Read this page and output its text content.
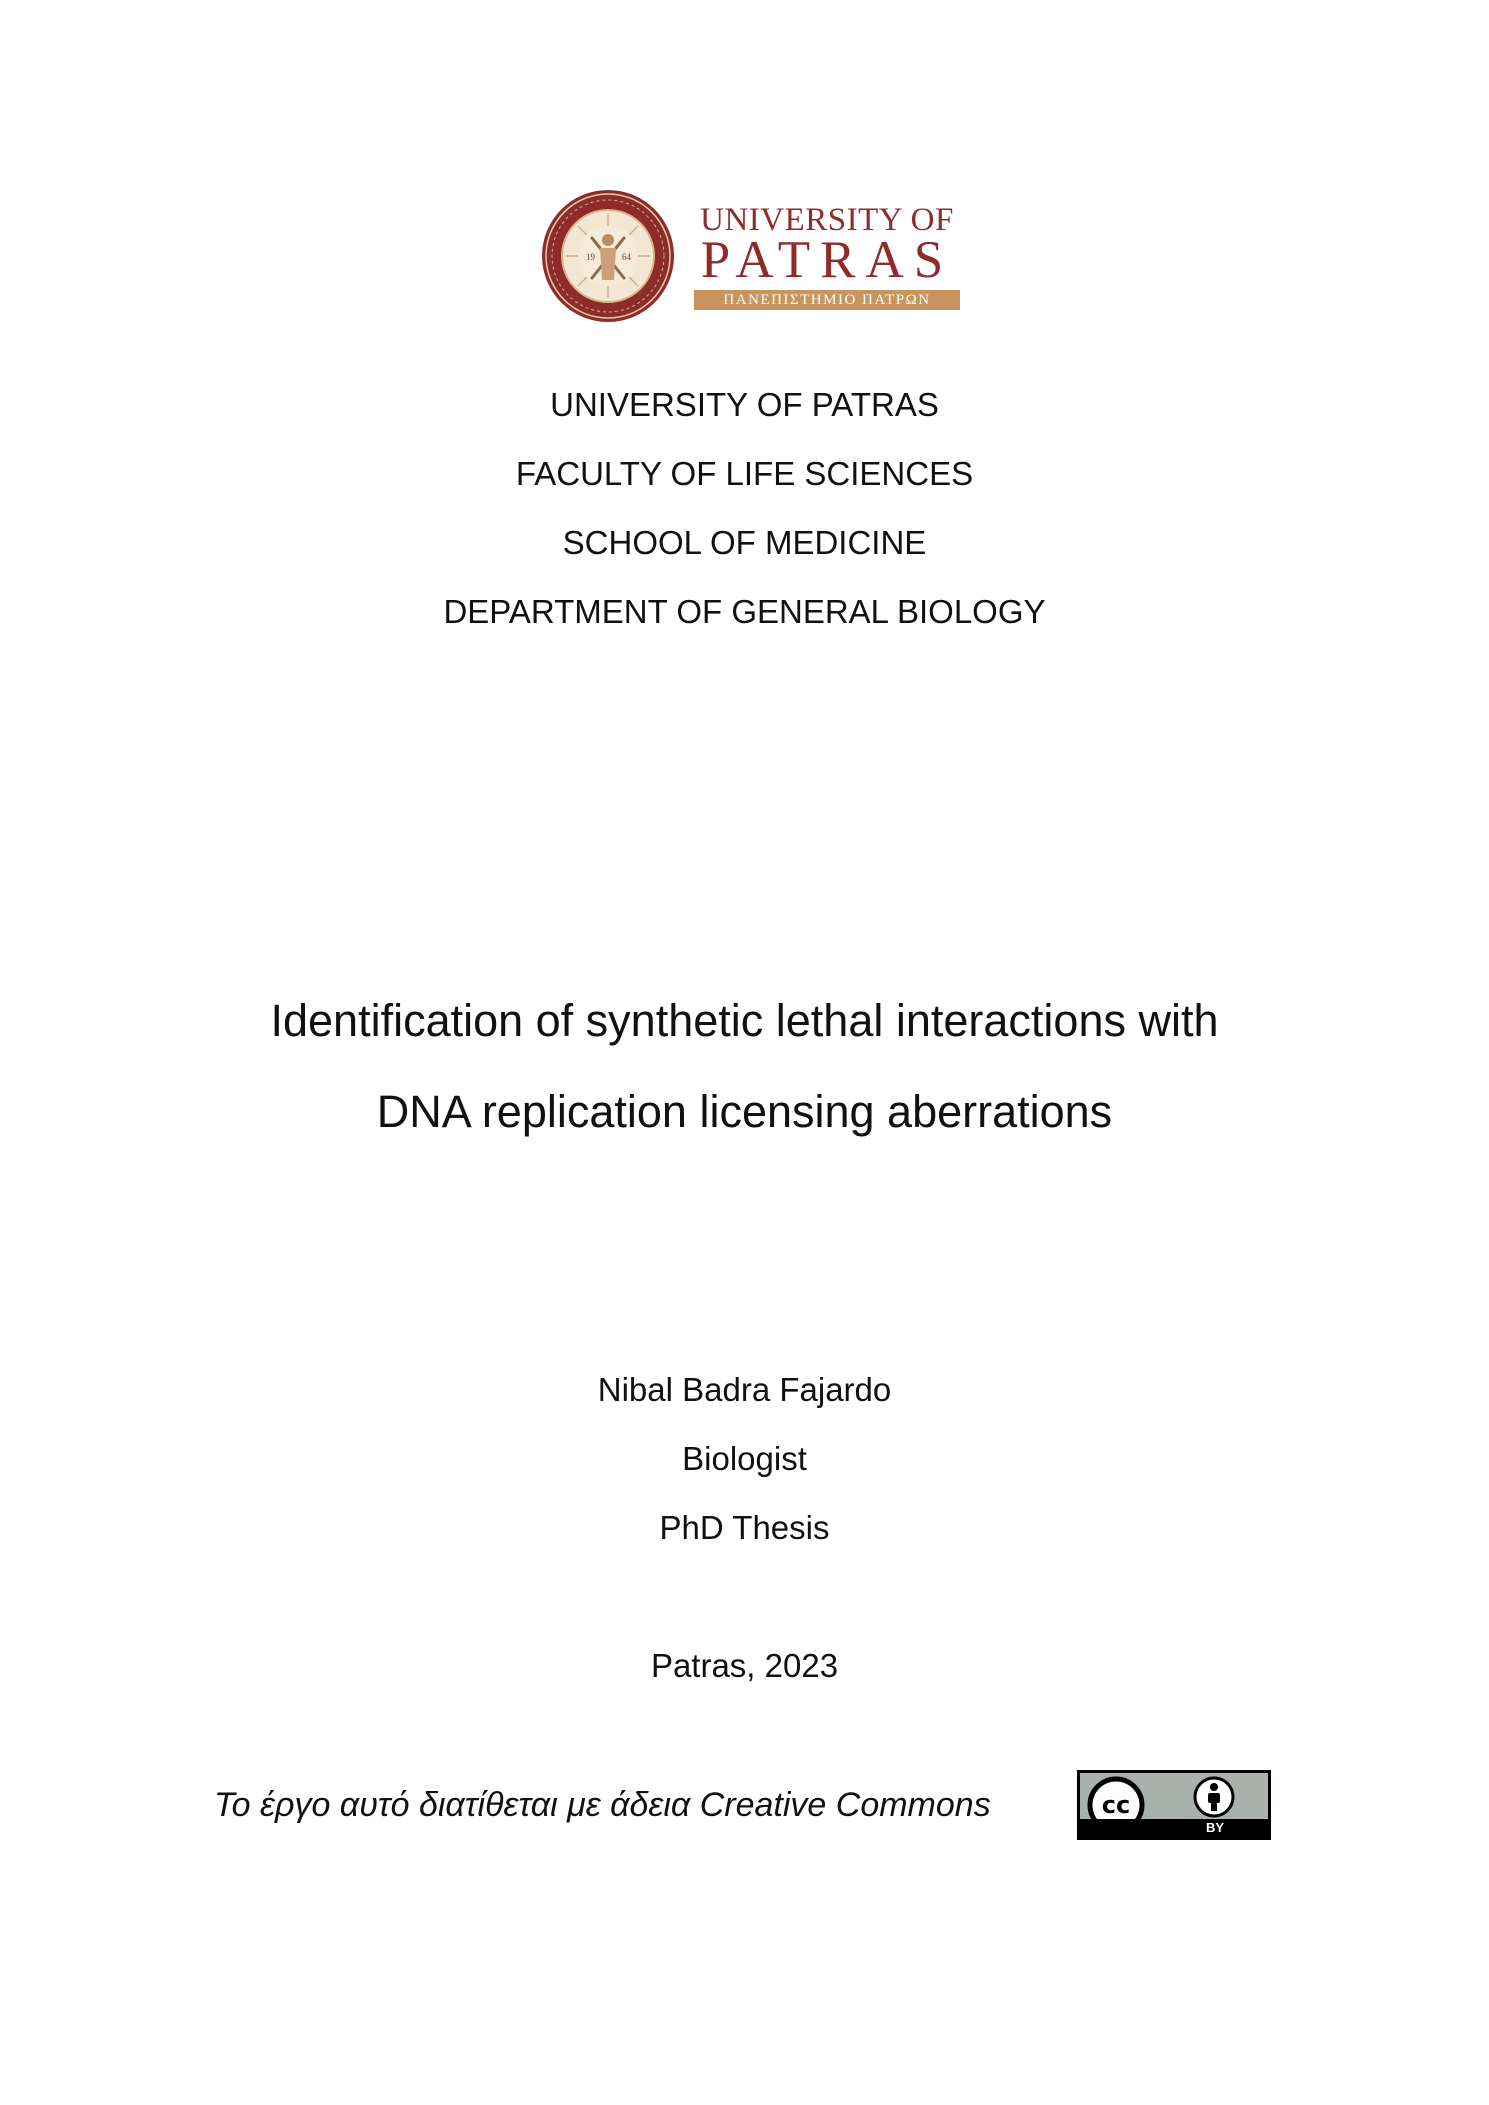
19	64
UNIVERSITY OF
PATRAS
ΠΑΝΕΠΙΣΤΗΜΙΟ ΠΑΤΡΩΝ
UNIVERSITY OF PATRAS
FACULTY OF LIFE SCIENCES
SCHOOL OF MEDICINE
DEPARTMENT OF GENERAL BIOLOGY
Identification of synthetic lethal interactions with
DNA replication licensing aberrations
Nibal Badra Fajardo
Biologist
PhD Thesis
Patras, 2023
Το έργο αυτό διατίθεται με άδεια Creative Commons	cc
BY
